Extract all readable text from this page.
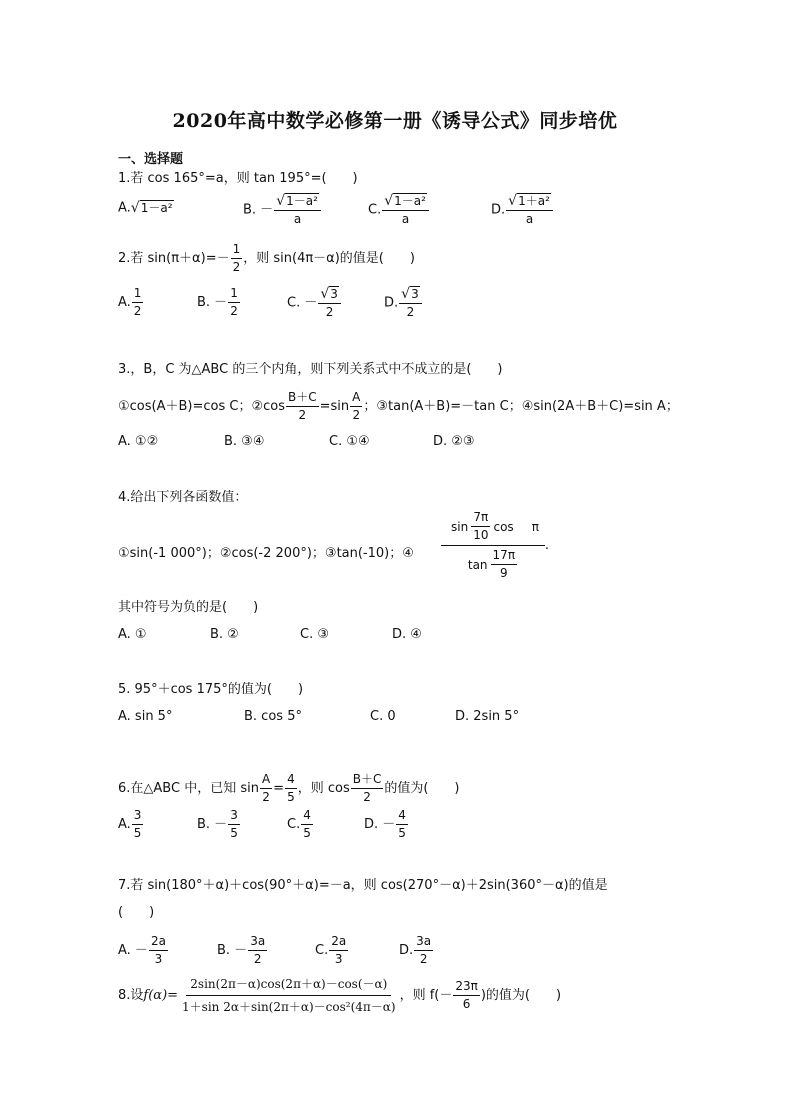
2020年高中数学必修第一册《诱导公式》同步培优
一、选择题
1.若 cos 165°=a，则 tan 195°=(　　)
A. √ 1－a²	B. － $\frac{\text{√ 1－a²}}{a}$	C. $\frac{\text{√ 1－a²}}{a}$	D. $\frac{\text{√ 1＋a²}}{a}$
2.若 $\sin(\pi+\alpha)=- \frac{1}{2}$ ，则 sin(4π－α)的值是(　　)
A. $\frac{1}{2}$	B. － $\frac{1}{2}$	C. － $\frac{√ 3}{2}$	D. $\frac{√ 3}{2}$
3.，B，C 为△ABC 的三个内角，则下列关系式中不成立的是(　　)
①cos(A＋B)=cos C；②cos $\frac{B+C}{2} =\sin \frac{A}{2}$ ；③tan(A＋B)=－tan C；④sin(2A＋B＋C)=sin A；
A. ①②	B. ③④	C. ①④	D. ②③
4.给出下列各函数值：
①sin(-1 000°)；②cos(-2 200°)；③tan(-10)；④ $\frac{\sin \frac{7\pi}{10} \cos \pi}{\tan \frac{17\pi}{9}}$ .
其中符号为负的是(　　)
A. ①	B. ②	C. ③	D. ④
5. 95°＋cos 175°的值为(　　)
A. sin 5°	B. cos 5°	C. 0	D. 2sin 5°
6.在△ABC 中，已知 $\sin \frac{A}{2} = \frac{4}{5}$ ，则 $\cos \frac{B+C}{2}$ 的值为(　　)
A. $\frac{3}{5}$	B. － $\frac{3}{5}$	C. $\frac{4}{5}$	D. － $\frac{4}{5}$
7.若 sin(180°＋α)＋cos(90°＋α)=－a，则 cos(270°－α)＋2sin(360°－α)的值是
(　　)
A. － $\frac{2a}{3}$	B. － $\frac{3a}{2}$	C. $\frac{2a}{3}$	D. $\frac{3a}{2}$
8.设$f(\alpha)= \frac{2\sin(2\pi-\alpha)\cos(2\pi+\alpha)-\cos(-\alpha)}{\text{1＋sin 2α＋sin(2π＋α)－cos²(4π－α)}}$ ，则 $f(- \frac{23\pi}{6}$ )的值为(　　)
